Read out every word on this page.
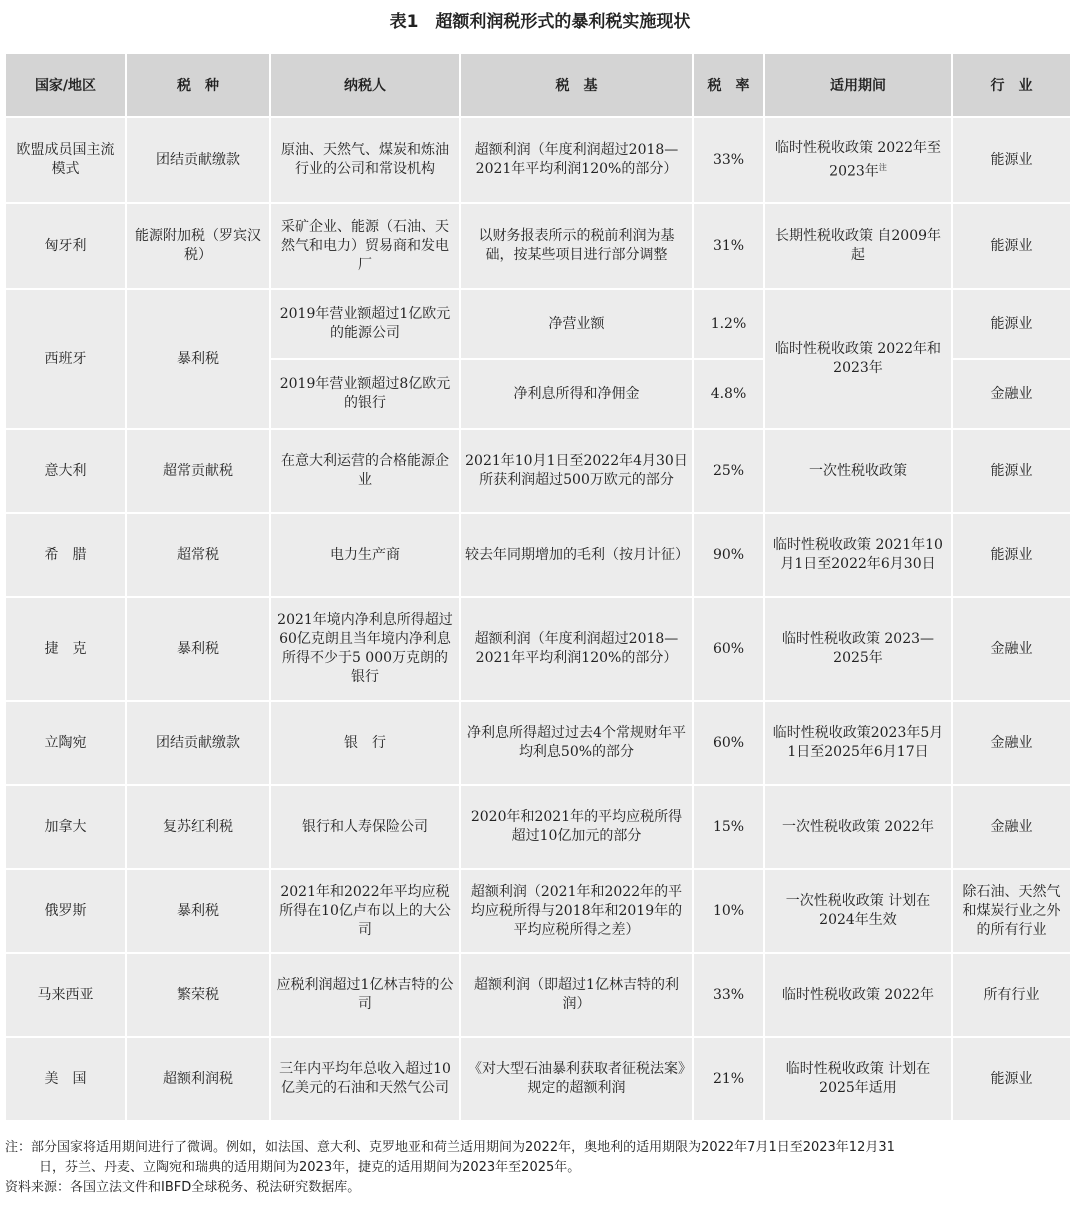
表1　超额利润税形式的暴利税实施现状
国家/地区	税　种	纳税人	税　基	税　率	适用期间	行　业
欧盟成员国主流模式	团结贡献缴款	原油、天然气、煤炭和炼油行业的公司和常设机构	超额利润（年度利润超过2018—2021年平均利润120%的部分）	33%	临时性税收政策 2022年至2023年$^注$	能源业
匈牙利	能源附加税（罗宾汉税）	采矿企业、能源（石油、天然气和电力）贸易商和发电厂	以财务报表所示的税前利润为基础，按某些项目进行部分调整	31%	长期性税收政策 自2009年起	能源业
西班牙	暴利税	2019年营业额超过1亿欧元的能源公司	净营业额	1.2%	临时性税收政策 2022年和2023年	能源业
		2019年营业额超过8亿欧元的银行	净利息所得和净佣金	4.8%		金融业
意大利	超常贡献税	在意大利运营的合格能源企业	2021年10月1日至2022年4月30日所获利润超过500万欧元的部分	25%	一次性税收政策	能源业
希　腊	超常税	电力生产商	较去年同期增加的毛利（按月计征）	90%	临时性税收政策 2021年10月1日至2022年6月30日	能源业
捷　克	暴利税	2021年境内净利息所得超过60亿克朗且当年境内净利息所得不少于5 000万克朗的银行	超额利润（年度利润超过2018—2021年平均利润120%的部分）	60%	临时性税收政策 2023—2025年	金融业
立陶宛	团结贡献缴款	银　行	净利息所得超过过去4个常规财年平均利息50%的部分	60%	临时性税收政策2023年5月1日至2025年6月17日	金融业
加拿大	复苏红利税	银行和人寿保险公司	2020年和2021年的平均应税所得超过10亿加元的部分	15%	一次性税收政策 2022年	金融业
俄罗斯	暴利税	2021年和2022年平均应税所得在10亿卢布以上的大公司	超额利润（2021年和2022年的平均应税所得与2018年和2019年的平均应税所得之差）	10%	一次性税收政策 计划在2024年生效	除石油、天然气和煤炭行业之外的所有行业
马来西亚	繁荣税	应税利润超过1亿林吉特的公司	超额利润（即超过1亿林吉特的利润）	33%	临时性税收政策 2022年	所有行业
美　国	超额利润税	三年内平均年总收入超过10亿美元的石油和天然气公司	《对大型石油暴利获取者征税法案》规定的超额利润	21%	临时性税收政策 计划在2025年适用	能源业

注：部分国家将适用期间进行了微调。例如，如法国、意大利、克罗地亚和荷兰适用期间为2022年，奥地利的适用期限为2022年7月1日至2023年12月31

日，芬兰、丹麦、立陶宛和瑞典的适用期间为2023年，捷克的适用期间为2023年至2025年。

资料来源：各国立法文件和IBFD全球税务、税法研究数据库。
